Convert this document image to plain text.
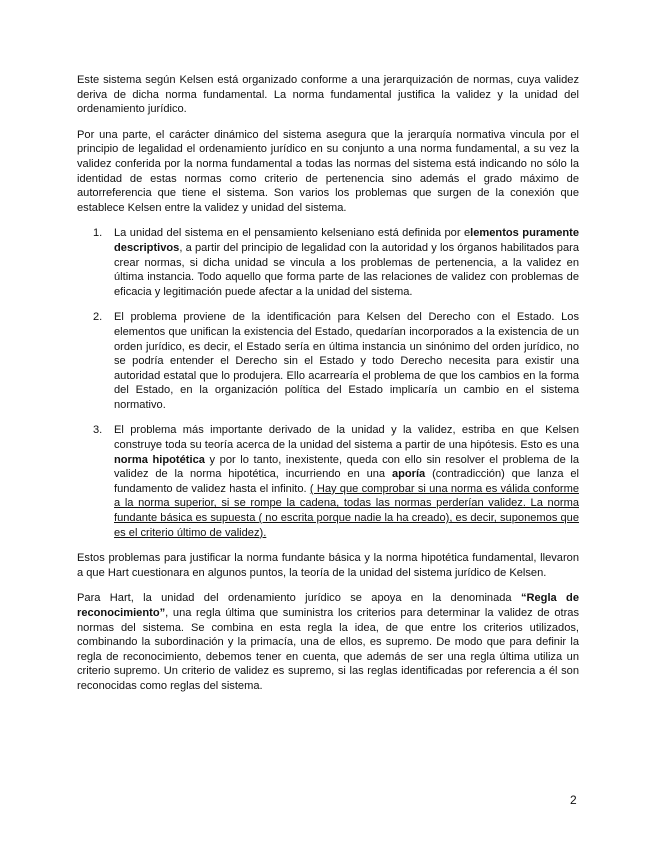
Este sistema según Kelsen está organizado conforme a una jerarquización de normas, cuya validez deriva de dicha norma fundamental. La norma fundamental justifica la validez y la unidad del ordenamiento jurídico.

Por una parte, el carácter dinámico del sistema asegura que la jerarquía normativa vincula por el principio de legalidad el ordenamiento jurídico en su conjunto a una norma fundamental, a su vez la validez conferida por la norma fundamental a todas las normas del sistema está indicando no sólo la identidad de estas normas como criterio de pertenencia sino además el grado máximo de autorreferencia que tiene el sistema. Son varios los problemas que surgen de la conexión que establece Kelsen entre la validez y unidad del sistema.

1. La unidad del sistema en el pensamiento kelseniano está definida por elementos puramente descriptivos, a partir del principio de legalidad con la autoridad y los órganos habilitados para crear normas, si dicha unidad se vincula a los problemas de pertenencia, a la validez en última instancia. Todo aquello que forma parte de las relaciones de validez con problemas de eficacia y legitimación puede afectar a la unidad del sistema.
2. El problema proviene de la identificación para Kelsen del Derecho con el Estado. Los elementos que unifican la existencia del Estado, quedarían incorporados a la existencia de un orden jurídico, es decir, el Estado sería en última instancia un sinónimo del orden jurídico, no se podría entender el Derecho sin el Estado y todo Derecho necesita para existir una autoridad estatal que lo produjera. Ello acarrearía el problema de que los cambios en la forma del Estado, en la organización política del Estado implicaría un cambio en el sistema normativo.
3. El problema más importante derivado de la unidad y la validez, estriba en que Kelsen construye toda su teoría acerca de la unidad del sistema a partir de una hipótesis. Esto es una norma hipotética y por lo tanto, inexistente, queda con ello sin resolver el problema de la validez de la norma hipotética, incurriendo en una aporía (contradicción) que lanza el fundamento de validez hasta el infinito. ( Hay que comprobar si una norma es válida conforme a la norma superior, si se rompe la cadena, todas las normas perderían validez. La norma fundante básica es supuesta ( no escrita porque nadie la ha creado), es decir, suponemos que es el criterio último de validez).

Estos problemas para justificar la norma fundante básica y la norma hipotética fundamental, llevaron a que Hart cuestionara en algunos puntos, la teoría de la unidad del sistema jurídico de Kelsen.

Para Hart, la unidad del ordenamiento jurídico se apoya en la denominada “Regla de reconocimiento”, una regla última que suministra los criterios para determinar la validez de otras normas del sistema. Se combina en esta regla la idea, de que entre los criterios utilizados, combinando la subordinación y la primacía, una de ellos, es supremo. De modo que para definir la regla de reconocimiento, debemos tener en cuenta, que además de ser una regla última utiliza un criterio supremo. Un criterio de validez es supremo, si las reglas identificadas por referencia a él son reconocidas como reglas del sistema.

2
